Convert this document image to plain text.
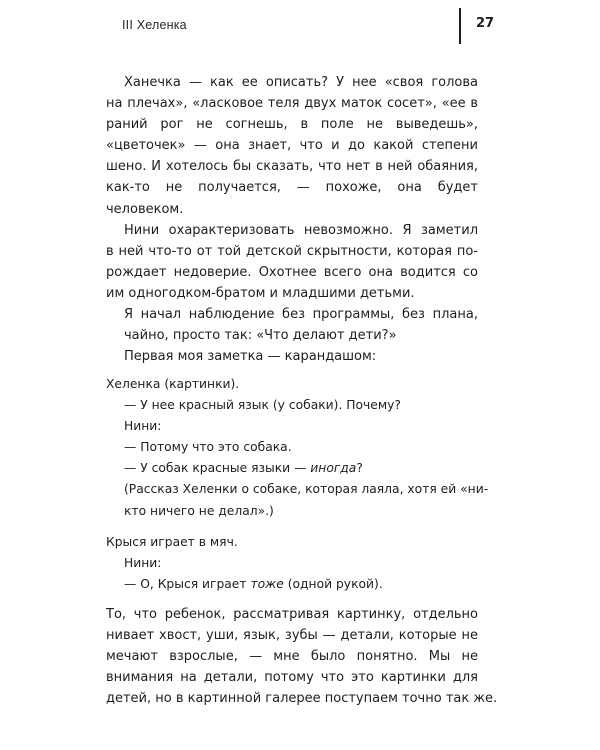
III Хеленка	27
Ханечка — как ее описать? У нее «своя голова
на плечах», «ласковое теля двух маток сосет», «ее в
раний рог не согнешь, в поле не выведешь»,
«цветочек» — она знает, что и до какой степени
шено. И хотелось бы сказать, что нет в ней обаяния,
как-то не получается, — похоже, она будет
человеком.
Нини охарактеризовать невозможно. Я заметил
в ней что-то от той детской скрытности, которая по-
рождает недоверие. Охотнее всего она водится со
им одногодком-братом и младшими детьми.
Я начал наблюдение без программы, без плана,
чайно, просто так: «Что делают дети?»
Первая моя заметка — карандашом:
Хеленка (картинки).
— У нее красный язык (у собаки). Почему?
Нини:
— Потому что это собака.
— У собак красные языки — иногда?
(Рассказ Хеленки о собаке, которая лаяла, хотя ей «ни-
кто ничего не делал».)
Крыся играет в мяч.
Нини:
— О, Крыся играет тоже (одной рукой).
То, что ребенок, рассматривая картинку, отдельно
нивает хвост, уши, язык, зубы — детали, которые не
мечают взрослые, — мне было понятно. Мы не
внимания на детали, потому что это картинки для
детей, но в картинной галерее поступаем точно так же.
